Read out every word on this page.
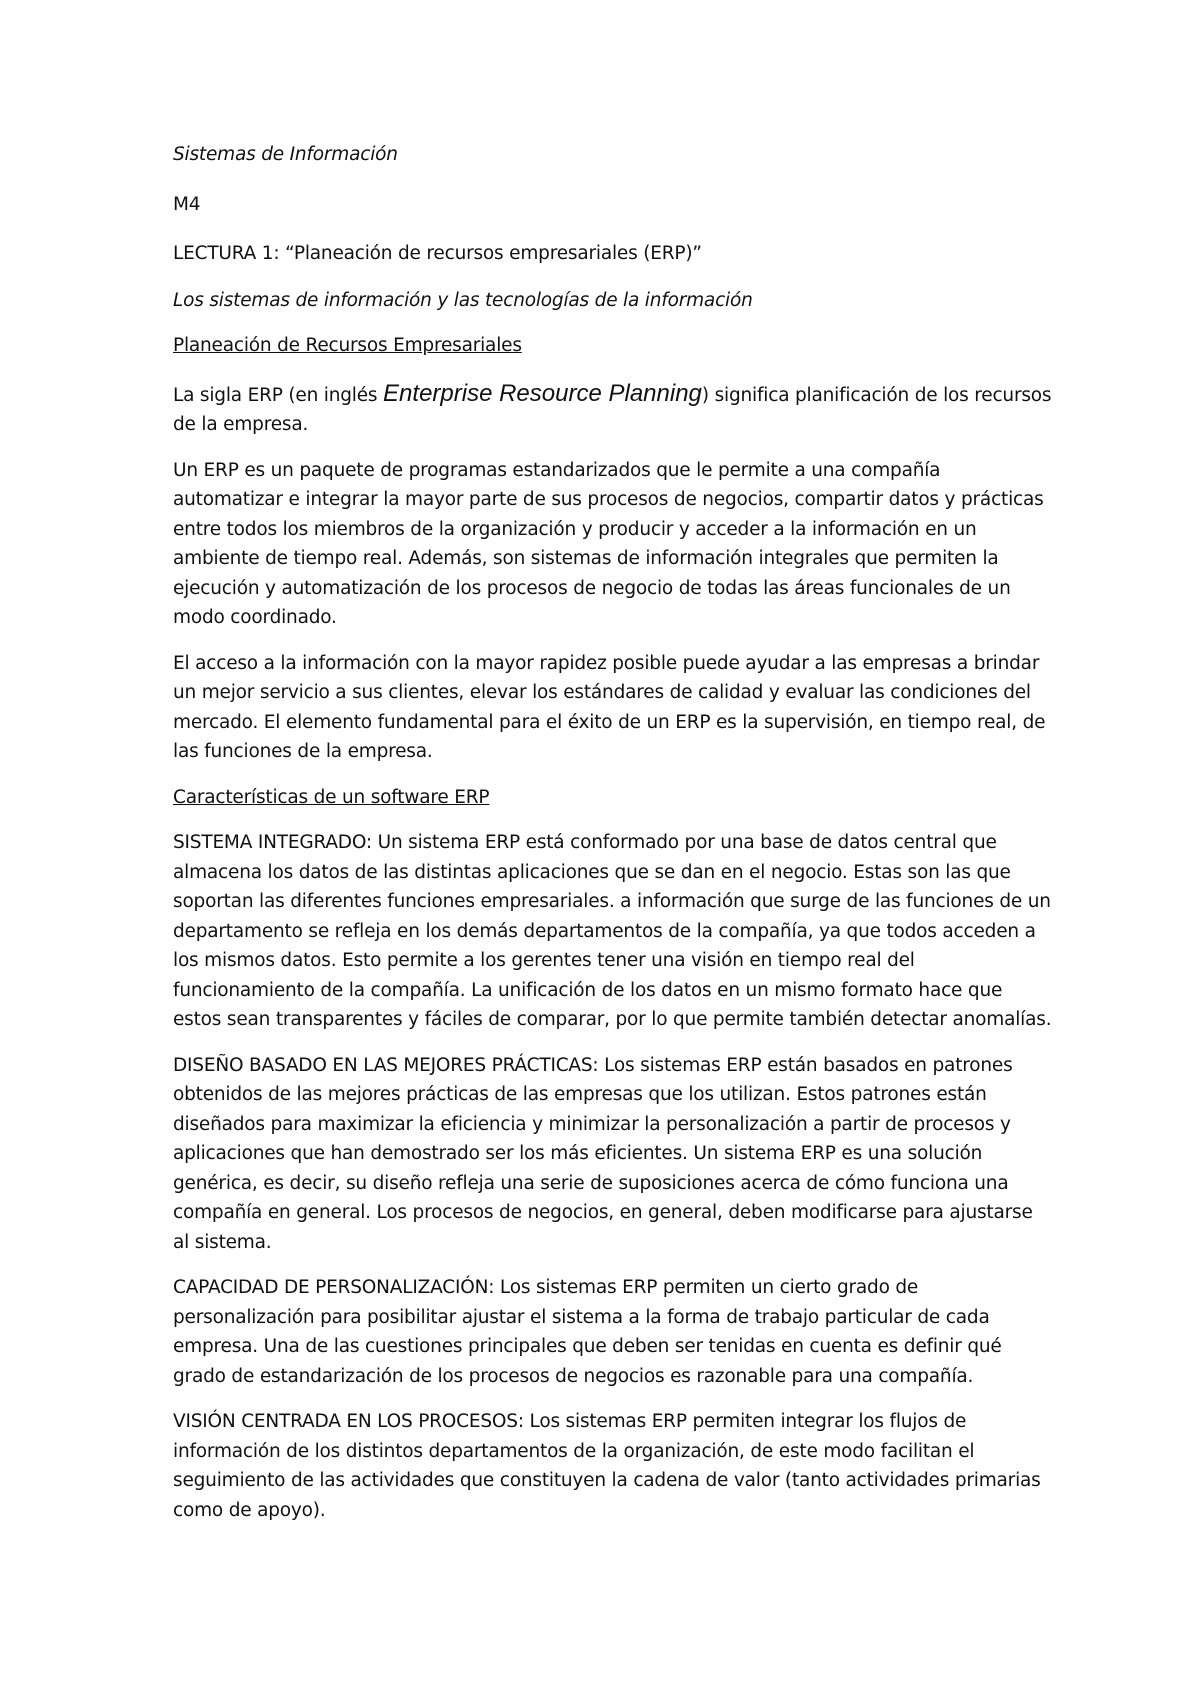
Sistemas de Información

M4

LECTURA 1: “Planeación de recursos empresariales (ERP)”

Los sistemas de información y las tecnologías de la información

Planeación de Recursos Empresariales

La sigla ERP (en inglés Enterprise Resource Planning) significa planificación de los recursos de la empresa.

Un ERP es un paquete de programas estandarizados que le permite a una compañía automatizar e integrar la mayor parte de sus procesos de negocios, compartir datos y prácticas entre todos los miembros de la organización y producir y acceder a la información en un ambiente de tiempo real. Además, son sistemas de información integrales que permiten la ejecución y automatización de los procesos de negocio de todas las áreas funcionales de un modo coordinado.

El acceso a la información con la mayor rapidez posible puede ayudar a las empresas a brindar un mejor servicio a sus clientes, elevar los estándares de calidad y evaluar las condiciones del mercado. El elemento fundamental para el éxito de un ERP es la supervisión, en tiempo real, de las funciones de la empresa.

Características de un software ERP

SISTEMA INTEGRADO: Un sistema ERP está conformado por una base de datos central que almacena los datos de las distintas aplicaciones que se dan en el negocio. Estas son las que soportan las diferentes funciones empresariales. a información que surge de las funciones de un departamento se refleja en los demás departamentos de la compañía, ya que todos acceden a los mismos datos. Esto permite a los gerentes tener una visión en tiempo real del funcionamiento de la compañía. La unificación de los datos en un mismo formato hace que estos sean transparentes y fáciles de comparar, por lo que permite también detectar anomalías.

DISEÑO BASADO EN LAS MEJORES PRÁCTICAS: Los sistemas ERP están basados en patrones obtenidos de las mejores prácticas de las empresas que los utilizan. Estos patrones están diseñados para maximizar la eficiencia y minimizar la personalización a partir de procesos y aplicaciones que han demostrado ser los más eficientes. Un sistema ERP es una solución genérica, es decir, su diseño refleja una serie de suposiciones acerca de cómo funciona una compañía en general. Los procesos de negocios, en general, deben modificarse para ajustarse al sistema.

CAPACIDAD DE PERSONALIZACIÓN: Los sistemas ERP permiten un cierto grado de personalización para posibilitar ajustar el sistema a la forma de trabajo particular de cada empresa. Una de las cuestiones principales que deben ser tenidas en cuenta es definir qué grado de estandarización de los procesos de negocios es razonable para una compañía.

VISIÓN CENTRADA EN LOS PROCESOS: Los sistemas ERP permiten integrar los flujos de información de los distintos departamentos de la organización, de este modo facilitan el seguimiento de las actividades que constituyen la cadena de valor (tanto actividades primarias como de apoyo).
